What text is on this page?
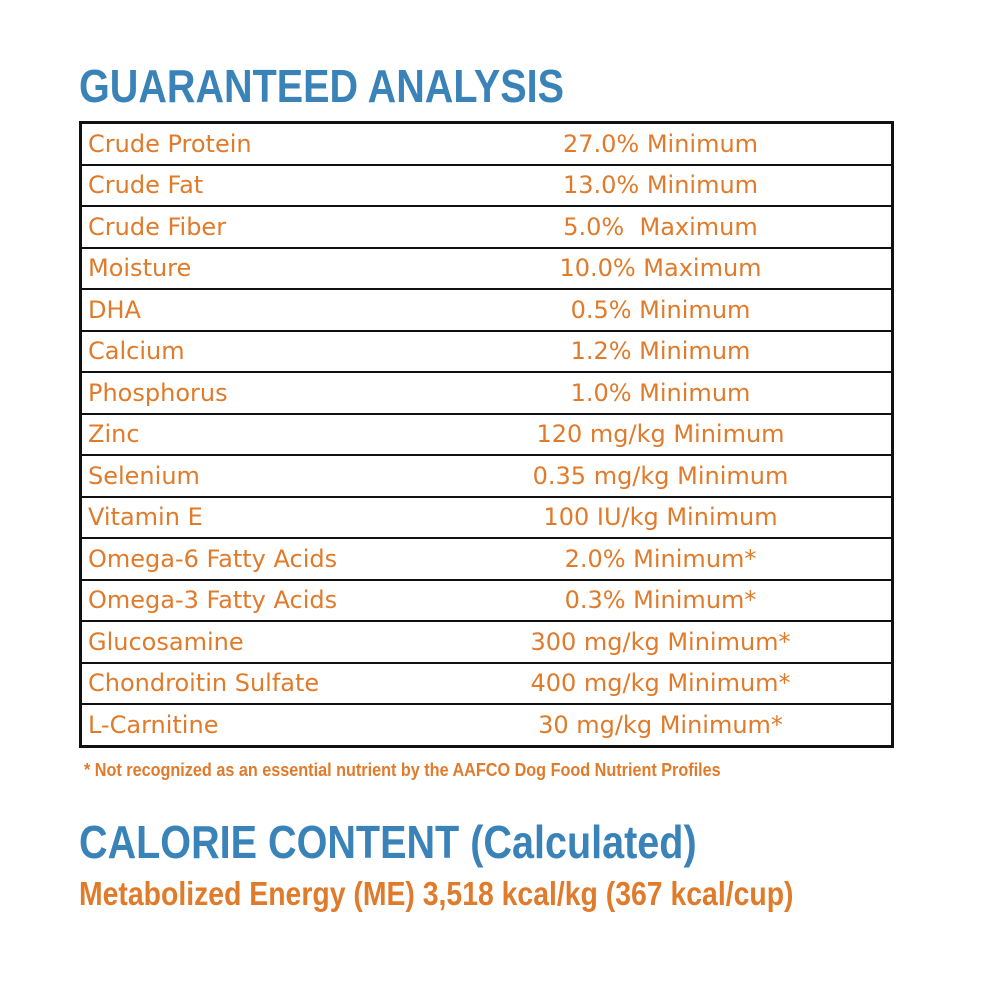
GUARANTEED ANALYSIS
Crude Protein	27.0% Minimum
Crude Fat	13.0% Minimum
Crude Fiber	5.0%  Maximum
Moisture	10.0% Maximum
DHA	0.5% Minimum
Calcium	1.2% Minimum
Phosphorus	1.0% Minimum
Zinc	120 mg/kg Minimum
Selenium	0.35 mg/kg Minimum
Vitamin E	100 IU/kg Minimum
Omega-6 Fatty Acids	2.0% Minimum*
Omega-3 Fatty Acids	0.3% Minimum*
Glucosamine	300 mg/kg Minimum*
Chondroitin Sulfate	400 mg/kg Minimum*
L-Carnitine	30 mg/kg Minimum*

* Not recognized as an essential nutrient by the AAFCO Dog Food Nutrient Profiles

CALORIE CONTENT (Calculated)

Metabolized Energy (ME) 3,518 kcal/kg (367 kcal/cup)
